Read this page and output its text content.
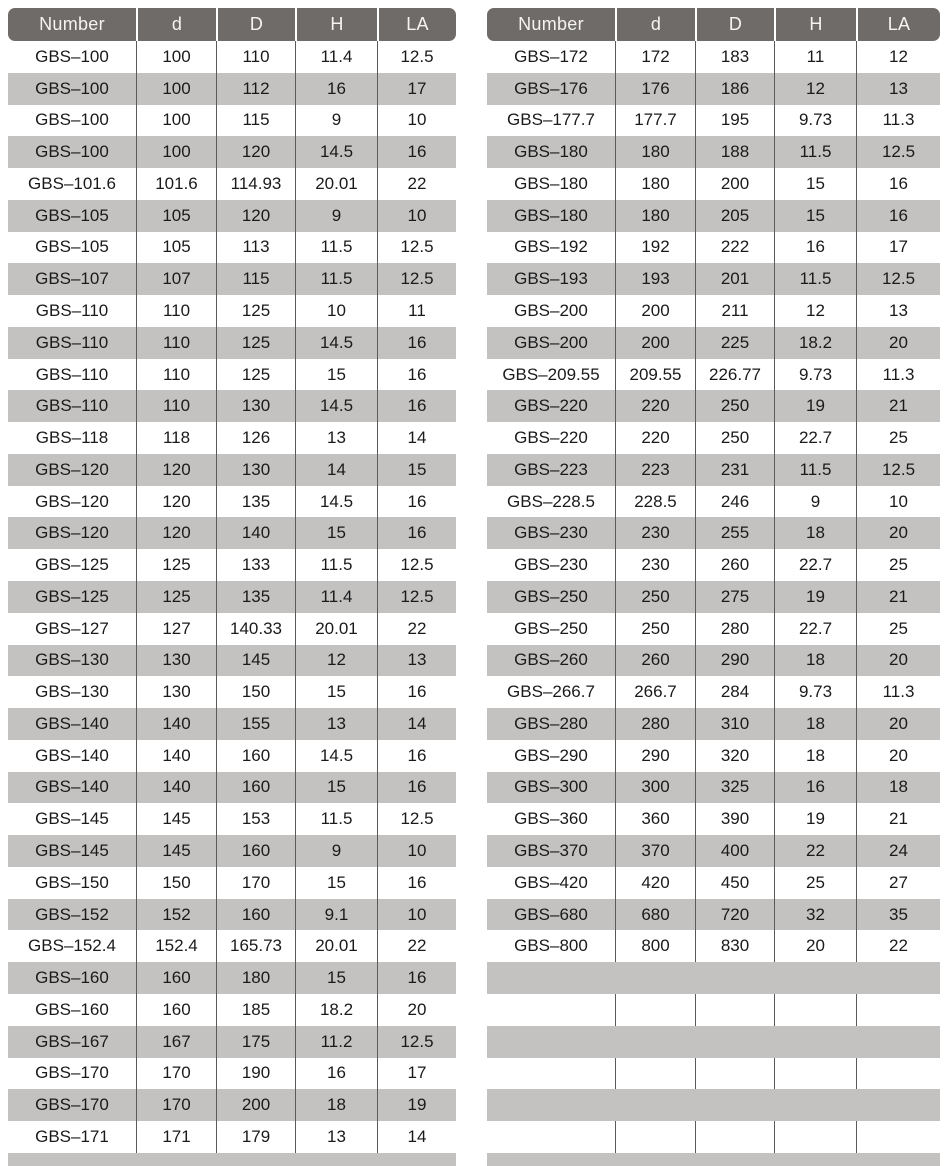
Number	d	D	H	LA
GBS–100	100	110	11.4	12.5
GBS–100	100	112	16	17
GBS–100	100	115	9	10
GBS–100	100	120	14.5	16
GBS–101.6	101.6	114.93	20.01	22
GBS–105	105	120	9	10
GBS–105	105	113	11.5	12.5
GBS–107	107	115	11.5	12.5
GBS–110	110	125	10	11
GBS–110	110	125	14.5	16
GBS–110	110	125	15	16
GBS–110	110	130	14.5	16
GBS–118	118	126	13	14
GBS–120	120	130	14	15
GBS–120	120	135	14.5	16
GBS–120	120	140	15	16
GBS–125	125	133	11.5	12.5
GBS–125	125	135	11.4	12.5
GBS–127	127	140.33	20.01	22
GBS–130	130	145	12	13
GBS–130	130	150	15	16
GBS–140	140	155	13	14
GBS–140	140	160	14.5	16
GBS–140	140	160	15	16
GBS–145	145	153	11.5	12.5
GBS–145	145	160	9	10
GBS–150	150	170	15	16
GBS–152	152	160	9.1	10
GBS–152.4	152.4	165.73	20.01	22
GBS–160	160	180	15	16
GBS–160	160	185	18.2	20
GBS–167	167	175	11.2	12.5
GBS–170	170	190	16	17
GBS–170	170	200	18	19
GBS–171	171	179	13	14
Number	d	D	H	LA
GBS–172	172	183	11	12
GBS–176	176	186	12	13
GBS–177.7	177.7	195	9.73	11.3
GBS–180	180	188	11.5	12.5
GBS–180	180	200	15	16
GBS–180	180	205	15	16
GBS–192	192	222	16	17
GBS–193	193	201	11.5	12.5
GBS–200	200	211	12	13
GBS–200	200	225	18.2	20
GBS–209.55	209.55	226.77	9.73	11.3
GBS–220	220	250	19	21
GBS–220	220	250	22.7	25
GBS–223	223	231	11.5	12.5
GBS–228.5	228.5	246	9	10
GBS–230	230	255	18	20
GBS–230	230	260	22.7	25
GBS–250	250	275	19	21
GBS–250	250	280	22.7	25
GBS–260	260	290	18	20
GBS–266.7	266.7	284	9.73	11.3
GBS–280	280	310	18	20
GBS–290	290	320	18	20
GBS–300	300	325	16	18
GBS–360	360	390	19	21
GBS–370	370	400	22	24
GBS–420	420	450	25	27
GBS–680	680	720	32	35
GBS–800	800	830	20	22
